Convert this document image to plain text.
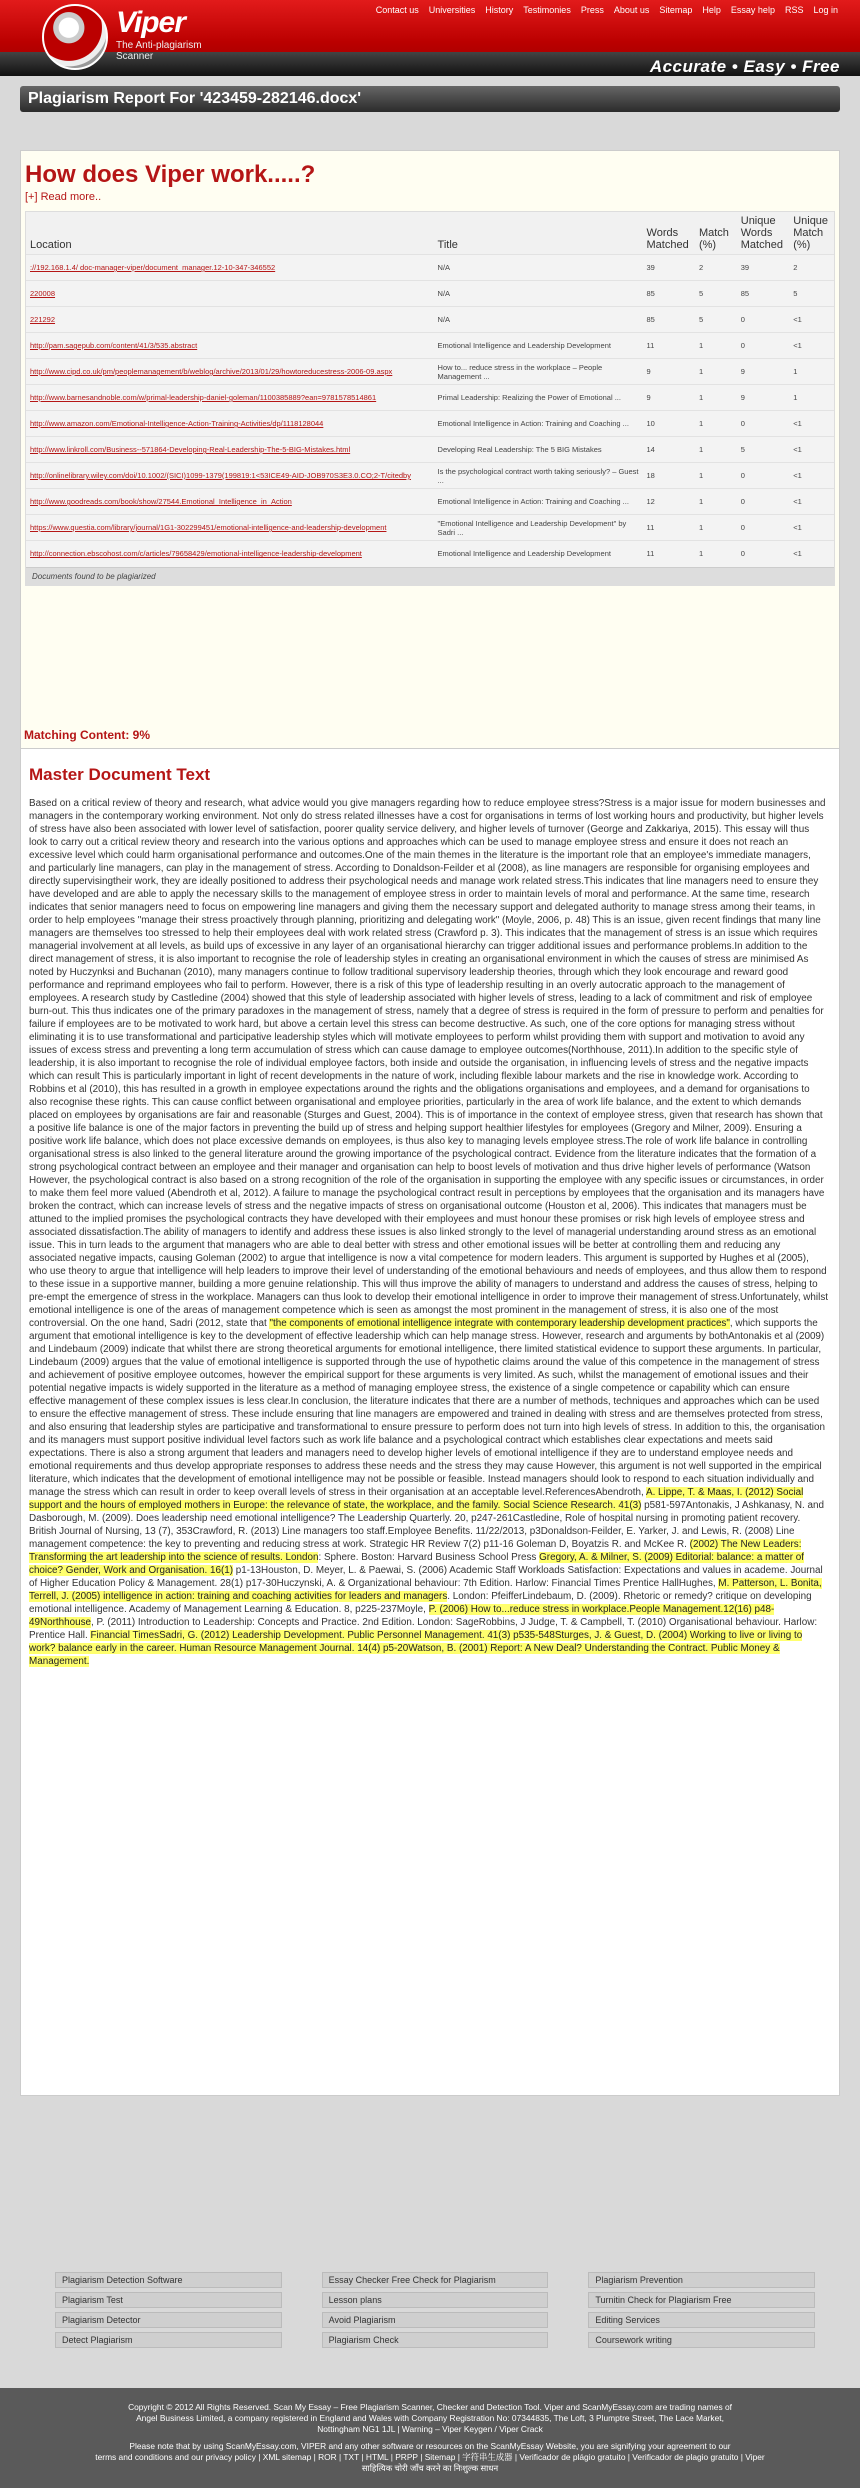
Viper
The Anti-plagiarism
Scanner
Contact us Universities History Testimonies Press About us Sitemap Help Essay help RSS Log in
Accurate • Easy • Free
Plagiarism Report For '423459-282146.docx'
How does Viper work.....?
[+] Read more..
Location	Title	Words Matched	Match (%)	Unique Words Matched	Unique Match (%)
://192.168.1.4/ doc-manager-viper/document_manager.12-10-347-346552	N/A	39	2	39	2
220008	N/A	85	5	85	5
221292	N/A	85	5	0	<1
http://pam.sagepub.com/content/41/3/535.abstract	Emotional Intelligence and Leadership Development	11	1	0	<1
http://www.cipd.co.uk/pm/peoplemanagement/b/weblog/archive/2013/01/29/howtoreducestress-2006-09.aspx	How to... reduce stress in the workplace – People Management ...	9	1	9	1
http://www.barnesandnoble.com/w/primal-leadership-daniel-goleman/1100385889?ean=9781578514861	Primal Leadership: Realizing the Power of Emotional ...	9	1	9	1
http://www.amazon.com/Emotional-Intelligence-Action-Training-Activities/dp/1118128044	Emotional Intelligence in Action: Training and Coaching ...	10	1	0	<1
http://www.linkroll.com/Business--571864-Developing-Real-Leadership-The-5-BIG-Mistakes.html	Developing Real Leadership: The 5 BIG Mistakes	14	1	5	<1
http://onlinelibrary.wiley.com/doi/10.1002/(SICI)1099-1379(199819:1<53ICE49-AID-JOB970S3E3.0.CO;2-T/citedby	Is the psychological contract worth taking seriously? – Guest ...	18	1	0	<1
http://www.goodreads.com/book/show/27544.Emotional_Intelligence_in_Action	Emotional Intelligence in Action: Training and Coaching ...	12	1	0	<1
https://www.questia.com/library/journal/1G1-302299451/emotional-intelligence-and-leadership-development	"Emotional Intelligence and Leadership Development" by Sadri ...	11	1	0	<1
http://connection.ebscohost.com/c/articles/79658429/emotional-intelligence-leadership-development	Emotional Intelligence and Leadership Development	11	1	0	<1
Documents found to be plagiarized
Matching Content: 9%
Master Document Text
Based on a critical review of theory and research, what advice would you give managers regarding how to reduce employee stress?Stress is a major issue for modern businesses and managers in the contemporary working environment. Not only do stress related illnesses have a cost for organisations in terms of lost working hours and productivity, but higher levels of stress have also been associated with lower level of satisfaction, poorer quality service delivery, and higher levels of turnover (George and Zakkariya, 2015). This essay will thus look to carry out a critical review theory and research into the various options and approaches which can be used to manage employee stress and ensure it does not reach an excessive level which could harm organisational performance and outcomes.One of the main themes in the literature is the important role that an employee's immediate managers, and particularly line managers, can play in the management of stress. According to Donaldson-Feilder et al (2008), as line managers are responsible for organising employees and directly supervisingtheir work, they are ideally positioned to address their psychological needs and manage work related stress.This indicates that line managers need to ensure they have developed and are able to apply the necessary skills to the management of employee stress in order to maintain levels of moral and performance. At the same time, research indicates that senior managers need to focus on empowering line managers and giving them the necessary support and delegated authority to manage stress among their teams, in order to help employees "manage their stress proactively through planning, prioritizing and delegating work" (Moyle, 2006, p. 48) This is an issue, given recent findings that many line managers are themselves too stressed to help their employees deal with work related stress (Crawford p. 3). This indicates that the management of stress is an issue which requires managerial involvement at all levels, as build ups of excessive in any layer of an organisational hierarchy can trigger additional issues and performance problems.In addition to the direct management of stress, it is also important to recognise the role of leadership styles in creating an organisational environment in which the causes of stress are minimised As noted by Huczynksi and Buchanan (2010), many managers continue to follow traditional supervisory leadership theories, through which they look encourage and reward good performance and reprimand employees who fail to perform. However, there is a risk of this type of leadership resulting in an overly autocratic approach to the management of employees. A research study by Castledine (2004) showed that this style of leadership associated with higher levels of stress, leading to a lack of commitment and risk of employee burn-out. This thus indicates one of the primary paradoxes in the management of stress, namely that a degree of stress is required in the form of pressure to perform and penalties for failure if employees are to be motivated to work hard, but above a certain level this stress can become destructive. As such, one of the core options for managing stress without eliminating it is to use transformational and participative leadership styles which will motivate employees to perform whilst providing them with support and motivation to avoid any issues of excess stress and preventing a long term accumulation of stress which can cause damage to employee outcomes(Northhouse, 2011).In addition to the specific style of leadership, it is also important to recognise the role of individual employee factors, both inside and outside the organisation, in influencing levels of stress and the negative impacts which can result This is particularly important in light of recent developments in the nature of work, including flexible labour markets and the rise in knowledge work. According to Robbins et al (2010), this has resulted in a growth in employee expectations around the rights and the obligations organisations and employees, and a demand for organisations to also recognise these rights. This can cause conflict between organisational and employee priorities, particularly in the area of work life balance, and the extent to which demands placed on employees by organisations are fair and reasonable (Sturges and Guest, 2004). This is of importance in the context of employee stress, given that research has shown that a positive life balance is one of the major factors in preventing the build up of stress and helping support healthier lifestyles for employees (Gregory and Milner, 2009). Ensuring a positive work life balance, which does not place excessive demands on employees, is thus also key to managing levels employee stress.The role of work life balance in controlling organisational stress is also linked to the general literature around the growing importance of the psychological contract. Evidence from the literature indicates that the formation of a strong psychological contract between an employee and their manager and organisation can help to boost levels of motivation and thus drive higher levels of performance (Watson However, the psychological contract is also based on a strong recognition of the role of the organisation in supporting the employee with any specific issues or circumstances, in order to make them feel more valued (Abendroth et al, 2012). A failure to manage the psychological contract result in perceptions by employees that the organisation and its managers have broken the contract, which can increase levels of stress and the negative impacts of stress on organisational outcome (Houston et al, 2006). This indicates that managers must be attuned to the implied promises the psychological contracts they have developed with their employees and must honour these promises or risk high levels of employee stress and associated dissatisfaction.The ability of managers to identify and address these issues is also linked strongly to the level of managerial understanding around stress as an emotional issue. This in turn leads to the argument that managers who are able to deal better with stress and other emotional issues will be better at controlling them and reducing any associated negative impacts, causing Goleman (2002) to argue that intelligence is now a vital competence for modern leaders. This argument is supported by Hughes et al (2005), who use theory to argue that intelligence will help leaders to improve their level of understanding of the emotional behaviours and needs of employees, and thus allow them to respond to these issue in a supportive manner, building a more genuine relationship. This will thus improve the ability of managers to understand and address the causes of stress, helping to pre-empt the emergence of stress in the workplace. Managers can thus look to develop their emotional intelligence in order to improve their management of stress.Unfortunately, whilst emotional intelligence is one of the areas of management competence which is seen as amongst the most prominent in the management of stress, it is also one of the most controversial. On the one hand, Sadri (2012, state that "the components of emotional intelligence integrate with contemporary leadership development practices", which supports the argument that emotional intelligence is key to the development of effective leadership which can help manage stress. However, research and arguments by bothAntonakis et al (2009) and Lindebaum (2009) indicate that whilst there are strong theoretical arguments for emotional intelligence, there limited statistical evidence to support these arguments. In particular, Lindebaum (2009) argues that the value of emotional intelligence is supported through the use of hypothetic claims around the value of this competence in the management of stress and achievement of positive employee outcomes, however the empirical support for these arguments is very limited. As such, whilst the management of emotional issues and their potential negative impacts is widely supported in the literature as a method of managing employee stress, the existence of a single competence or capability which can ensure effective management of these complex issues is less clear.In conclusion, the literature indicates that there are a number of methods, techniques and approaches which can be used to ensure the effective management of stress. These include ensuring that line managers are empowered and trained in dealing with stress and are themselves protected from stress, and also ensuring that leadership styles are participative and transformational to ensure pressure to perform does not turn into high levels of stress. In addition to this, the organisation and its managers must support positive individual level factors such as work life balance and a psychological contract which establishes clear expectations and meets said expectations. There is also a strong argument that leaders and managers need to develop higher levels of emotional intelligence if they are to understand employee needs and emotional requirements and thus develop appropriate responses to address these needs and the stress they may cause However, this argument is not well supported in the empirical literature, which indicates that the development of emotional intelligence may not be possible or feasible. Instead managers should look to respond to each situation individually and manage the stress which can result in order to keep overall levels of stress in their organisation at an acceptable level.ReferencesAbendroth, A. Lippe, T. & Maas, I. (2012) Social support and the hours of employed mothers in Europe: the relevance of state, the workplace, and the family. Social Science Research. 41(3) p581-597Antonakis, J Ashkanasy, N. and Dasborough, M. (2009). Does leadership need emotional intelligence? The Leadership Quarterly. 20, p247-261Castledine, Role of hospital nursing in promoting patient recovery. British Journal of Nursing, 13 (7), 353Crawford, R. (2013) Line managers too staff.Employee Benefits. 11/22/2013, p3Donaldson-Feilder, E. Yarker, J. and Lewis, R. (2008) Line management competence: the key to preventing and reducing stress at work. Strategic HR Review 7(2) p11-16 Goleman D, Boyatzis R. and McKee R. (2002) The New Leaders: Transforming the art leadership into the science of results. London: Sphere. Boston: Harvard Business School Press Gregory, A. & Milner, S. (2009) Editorial: balance: a matter of choice? Gender, Work and Organisation. 16(1) p1-13Houston, D. Meyer, L. & Paewai, S. (2006) Academic Staff Workloads Satisfaction: Expectations and values in academe. Journal of Higher Education Policy & Management. 28(1) p17-30Huczynski, A. & Organizational behaviour: 7th Edition. Harlow: Financial Times Prentice HallHughes, M. Patterson, L. Bonita, Terrell, J. (2005) intelligence in action: training and coaching activities for leaders and managers. London: PfeifferLindebaum, D. (2009). Rhetoric or remedy? critique on developing emotional intelligence. Academy of Management Learning & Education. 8, p225-237Moyle, P. (2006) How to...reduce stress in workplace.People Management.12(16) p48-49Northhouse, P. (2011) Introduction to Leadership: Concepts and Practice. 2nd Edition. London: SageRobbins, J Judge, T. & Campbell, T. (2010) Organisational behaviour. Harlow: Prentice Hall. Financial TimesSadri, G. (2012) Leadership Development. Public Personnel Management. 41(3) p535-548Sturges, J. & Guest, D. (2004) Working to live or living to work? balance early in the career. Human Resource Management Journal. 14(4) p5-20Watson, B. (2001) Report: A New Deal? Understanding the Contract. Public Money & Management.
Plagiarism Detection Software	Essay Checker Free Check for Plagiarism	Plagiarism Prevention
Plagiarism Test	Lesson plans	Turnitin Check for Plagiarism Free
Plagiarism Detector	Avoid Plagiarism	Editing Services
Detect Plagiarism	Plagiarism Check	Coursework writing
Copyright © 2012 All Rights Reserved. Scan My Essay – Free Plagiarism Scanner, Checker and Detection Tool. Viper and ScanMyEssay.com are trading names of
Angel Business Limited, a company registered in England and Wales with Company Registration No: 07344835, The Loft, 3 Plumptre Street, The Lace Market,
Nottingham NG1 1JL | Warning – Viper Keygen / Viper Crack
Please note that by using ScanMyEssay.com, VIPER and any other software or resources on the ScanMyEssay Website, you are signifying your agreement to our
terms and conditions and our privacy policy | XML sitemap | ROR | TXT | HTML | PRPP | Sitemap | 字符串生成器 | Verificador de plágio gratuito | Verificador de plagio gratuito | Viper
साहित्यिक चोरी जाँच करने का निःशुल्क साधन
